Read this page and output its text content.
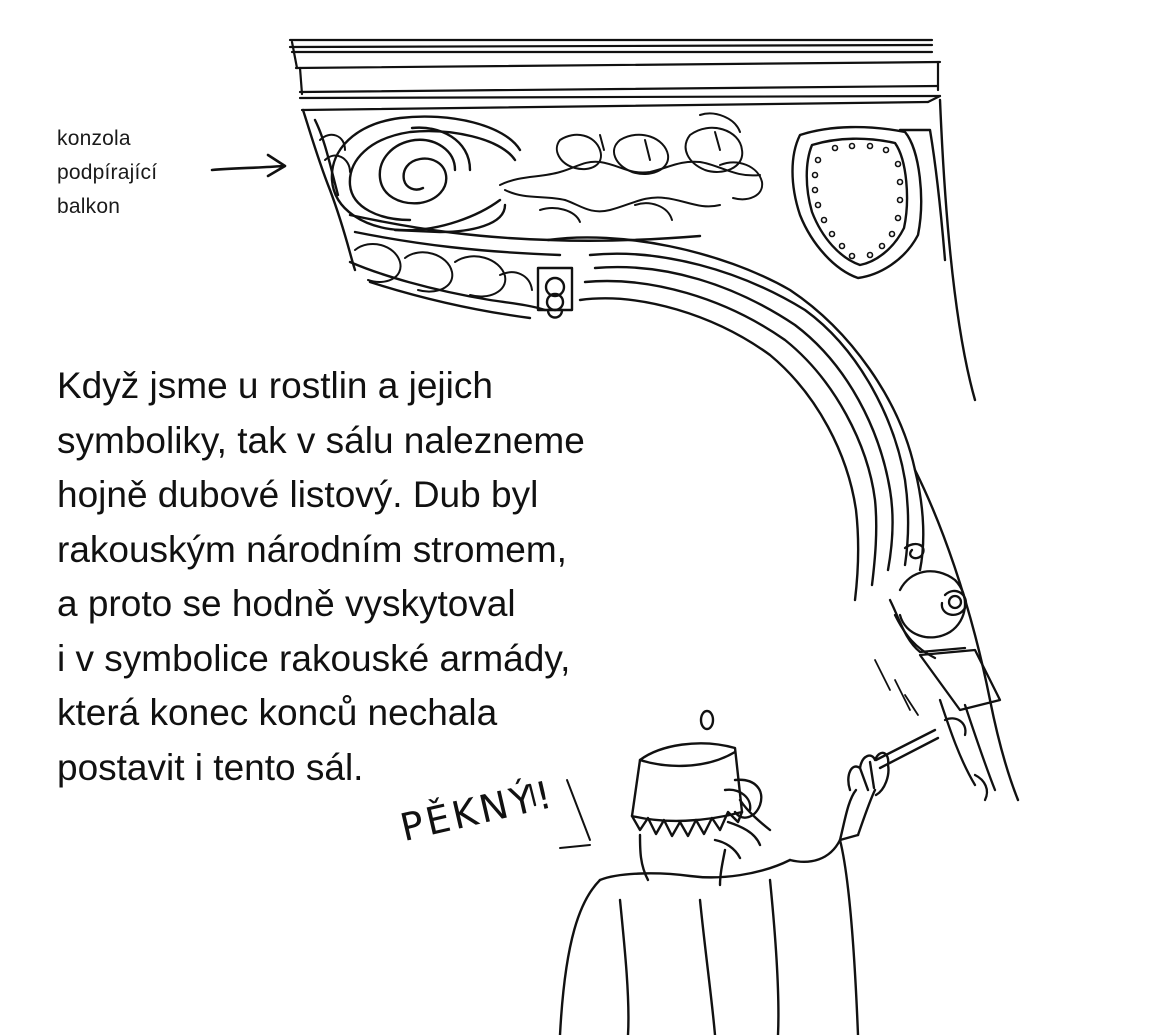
konzola
podpírající
balkon
Když jsme u rostlin a jejich
symboliky, tak v sálu nalezneme
hojně dubové listový. Dub byl
rakouským národním stromem,
a proto se hodně vyskytoval
i v symbolice rakouské armády,
která konec konců nechala
postavit i tento sál.
PĚKNÝ!
